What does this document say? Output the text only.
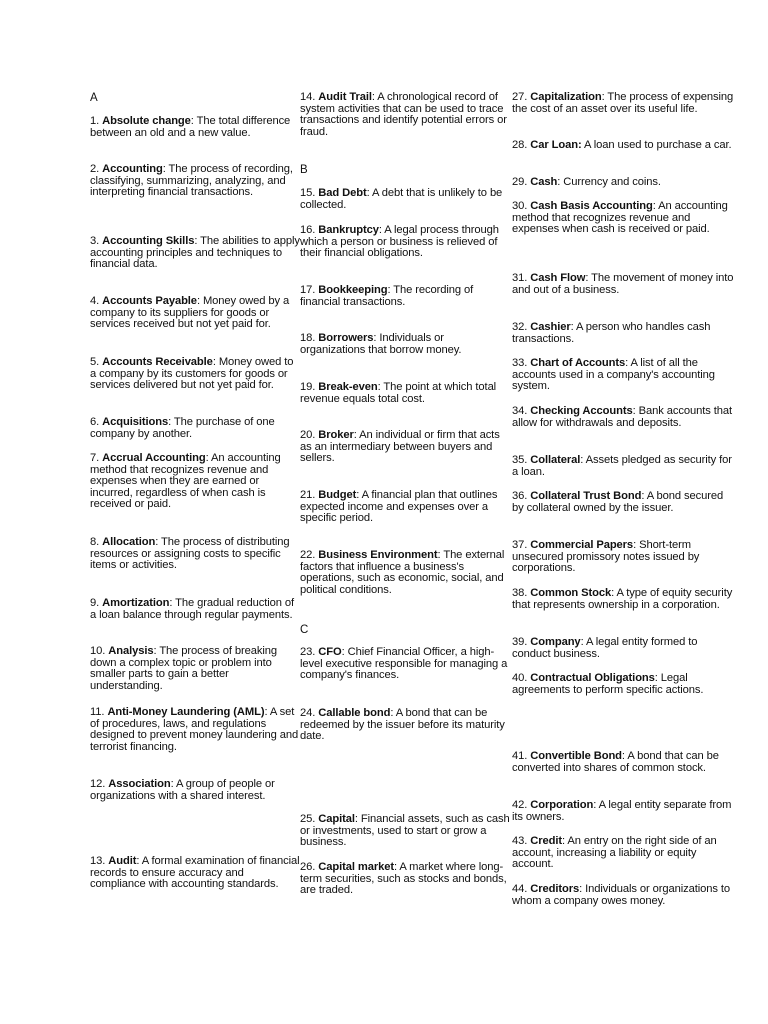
A
1. Absolute change: The total difference between an old and a new value.
2. Accounting: The process of recording, classifying, summarizing, analyzing, and interpreting financial transactions.
3. Accounting Skills: The abilities to apply accounting principles and techniques to financial data.
4. Accounts Payable: Money owed by a company to its suppliers for goods or services received but not yet paid for.
5. Accounts Receivable: Money owed to a company by its customers for goods or services delivered but not yet paid for.
6. Acquisitions: The purchase of one company by another.
7. Accrual Accounting: An accounting method that recognizes revenue and expenses when they are earned or incurred, regardless of when cash is received or paid.
8. Allocation: The process of distributing resources or assigning costs to specific items or activities.
9. Amortization: The gradual reduction of a loan balance through regular payments.
10. Analysis: The process of breaking down a complex topic or problem into smaller parts to gain a better understanding.
11. Anti-Money Laundering (AML): A set of procedures, laws, and regulations designed to prevent money laundering and terrorist financing.
12. Association: A group of people or organizations with a shared interest.
13. Audit: A formal examination of financial records to ensure accuracy and compliance with accounting standards.
14. Audit Trail: A chronological record of system activities that can be used to trace transactions and identify potential errors or fraud.
B
15. Bad Debt: A debt that is unlikely to be collected.
16. Bankruptcy: A legal process through which a person or business is relieved of their financial obligations.
17. Bookkeeping: The recording of financial transactions.
18. Borrowers: Individuals or organizations that borrow money.
19. Break-even: The point at which total revenue equals total cost.
20. Broker: An individual or firm that acts as an intermediary between buyers and sellers.
21. Budget: A financial plan that outlines expected income and expenses over a specific period.
22. Business Environment: The external factors that influence a business's operations, such as economic, social, and political conditions.
C
23. CFO: Chief Financial Officer, a high-level executive responsible for managing a company's finances.
24. Callable bond: A bond that can be redeemed by the issuer before its maturity date.
25. Capital: Financial assets, such as cash or investments, used to start or grow a business.
26. Capital market: A market where long-term securities, such as stocks and bonds, are traded.
27. Capitalization: The process of expensing the cost of an asset over its useful life.
28. Car Loan: A loan used to purchase a car.
29. Cash: Currency and coins.
30. Cash Basis Accounting: An accounting method that recognizes revenue and expenses when cash is received or paid.
31. Cash Flow: The movement of money into and out of a business.
32. Cashier: A person who handles cash transactions.
33. Chart of Accounts: A list of all the accounts used in a company's accounting system.
34. Checking Accounts: Bank accounts that allow for withdrawals and deposits.
35. Collateral: Assets pledged as security for a loan.
36. Collateral Trust Bond: A bond secured by collateral owned by the issuer.
37. Commercial Papers: Short-term unsecured promissory notes issued by corporations.
38. Common Stock: A type of equity security that represents ownership in a corporation.
39. Company: A legal entity formed to conduct business.
40. Contractual Obligations: Legal agreements to perform specific actions.
41. Convertible Bond: A bond that can be converted into shares of common stock.
42. Corporation: A legal entity separate from its owners.
43. Credit: An entry on the right side of an account, increasing a liability or equity account.
44. Creditors: Individuals or organizations to whom a company owes money.
